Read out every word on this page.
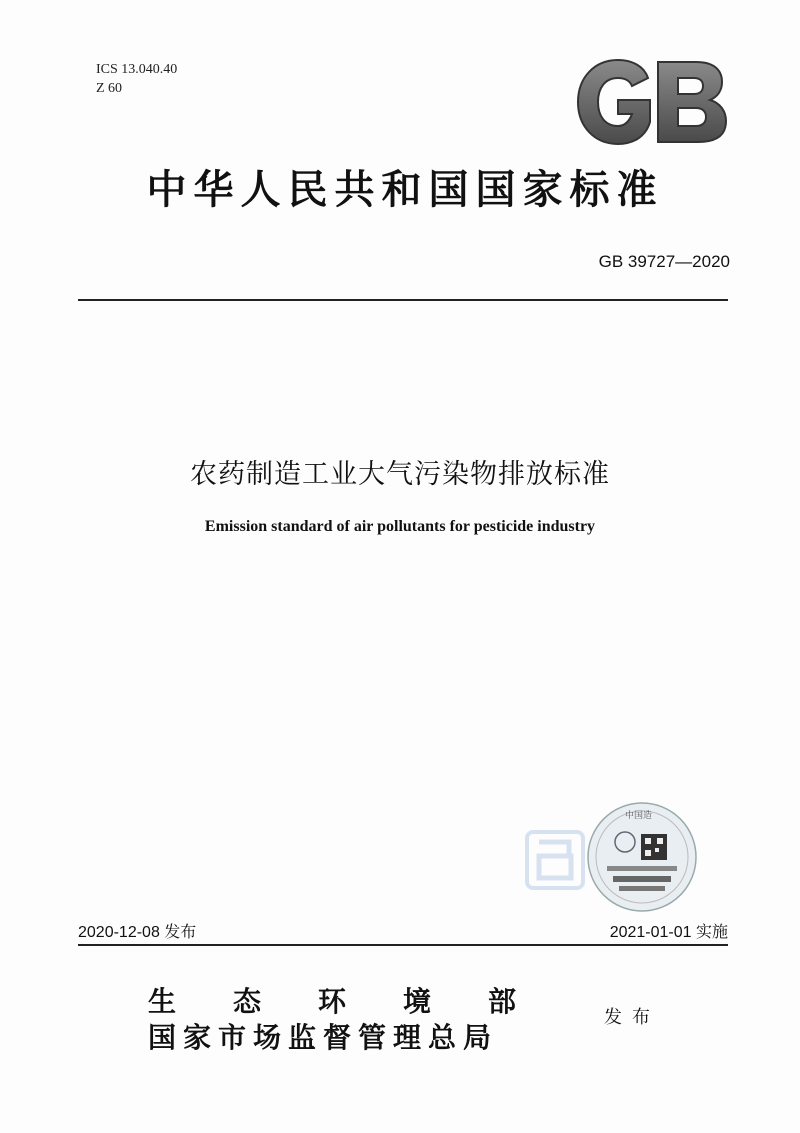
ICS 13.040.40
Z 60
中华人民共和国国家标准
GB 39727—2020
农药制造工业大气污染物排放标准
Emission standard of air pollutants for pesticide industry
中国造
2020-12-08 发布	2021-01-01 实施
生态环境部
国家市场监督管理总局
发布
